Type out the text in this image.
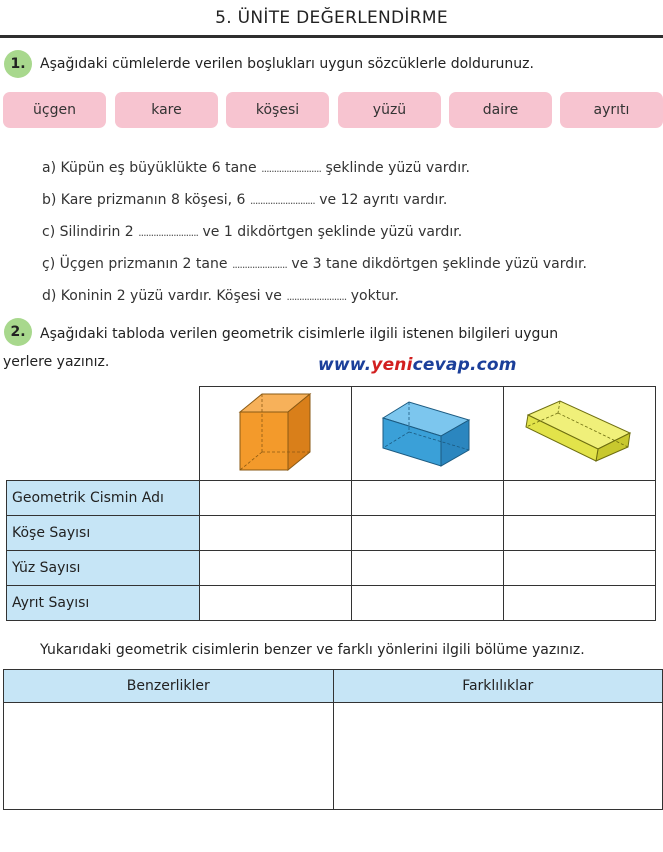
5. ÜNİTE DEĞERLENDİRME
1.	Aşağıdaki cümlelerde verilen boşlukları uygun sözcüklerle doldurunuz.
üçgen	kare	köşesi	yüzü	daire	ayrıtı
a) Küpün eş büyüklükte 6 tane ........................ şeklinde yüzü vardır.
b) Kare prizmanın 8 köşesi, 6 .......................... ve 12 ayrıtı vardır.
c) Silindirin 2 ........................ ve 1 dikdörtgen şeklinde yüzü vardır.
ç) Üçgen prizmanın 2 tane ...................... ve 3 tane dikdörtgen şeklinde yüzü vardır.
d) Koninin 2 yüzü vardır. Köşesi ve ........................ yoktur.
2.	Aşağıdaki tabloda verilen geometrik cisimlerle ilgili istenen bilgileri uygun
yerlere yazınız.	www.yenicevap.com

Geometrik Cismin Adı			
Köşe Sayısı			
Yüz Sayısı			
Ayrıt Sayısı			
Yukarıdaki geometrik cisimlerin benzer ve farklı yönlerini ilgili bölüme yazınız.
Benzerlikler	Farklılıklar
